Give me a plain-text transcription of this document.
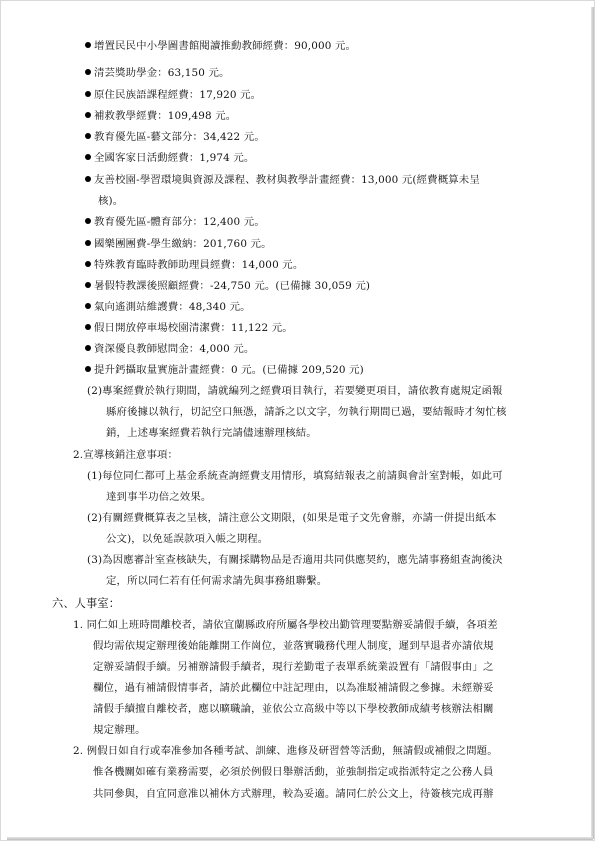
增置民民中小學圖書館閱讀推動教師經費：90,000 元。
清芸獎助學金：63,150 元。
原住民族語課程經費：17,920 元。
補救教學經費：109,498 元。
教育優先區-藝文部分：34,422 元。
全國客家日活動經費：1,974 元。
友善校園-學習環境與資源及課程、教材與教學計畫經費：13,000 元(經費概算未呈
核)。
教育優先區-體育部分：12,400 元。
國樂團團費-學生繳納：201,760 元。
特殊教育臨時教師助理員經費：14,000 元。
暑假特教課後照顧經費：-24,750 元。(已備據 30,059 元)
氣向遙測站維護費：48,340 元。
假日開放停車場校園清潔費：11,122 元。
資深優良教師慰問金：4,000 元。
提升鈣攝取量實施計畫經費：0 元。(已備據 209,520 元)
(2)專案經費於執行期間，請就編列之經費項目執行，若要變更項目，請依教育處規定函報
縣府後據以執行，切記空口無憑，請訴之以文字，勿執行期間已過，要結報時才匆忙核
銷，上述專案經費若執行完請儘速辦理核結。
2.宣導核銷注意事項：
(1)每位同仁都可上基金系統查詢經費支用情形，填寫結報表之前請與會計室對帳，如此可
達到事半功倍之效果。
(2)有關經費概算表之呈核，請注意公文期限，(如果是電子文先會辦，亦請一併提出紙本
公文)，以免延誤款項入帳之期程。
(3)為因應審計室查核缺失，有關採購物品是否適用共同供應契約，應先請事務組查詢後決
定，所以同仁若有任何需求請先與事務組聯繫。
六、人事室：
1. 同仁如上班時間離校者，請依宜蘭縣政府所屬各學校出勤管理要點辦妥請假手續，各項差
假均需依規定辦理後始能離開工作崗位，並落實職務代理人制度，遲到早退者亦請依規
定辦妥請假手續。另補辦請假手續者，現行差勤電子表單系統業設置有「請假事由」之
欄位，過有補請假情事者，請於此欄位中註記理由，以為准駁補請假之參據。未經辦妥
請假手續擅自離校者，應以曠職論，並依公立高級中等以下學校教師成績考核辦法相關
規定辦理。
2. 例假日如自行或奉准參加各種考試、訓練、進修及研習營等活動，無請假或補假之問題。
惟各機關如確有業務需要，必須於例假日舉辦活動，並強制指定或指派特定之公務人員
共同參與，自宜同意准以補休方式辦理，較為妥適。請同仁於公文上，待簽核完成再辦
